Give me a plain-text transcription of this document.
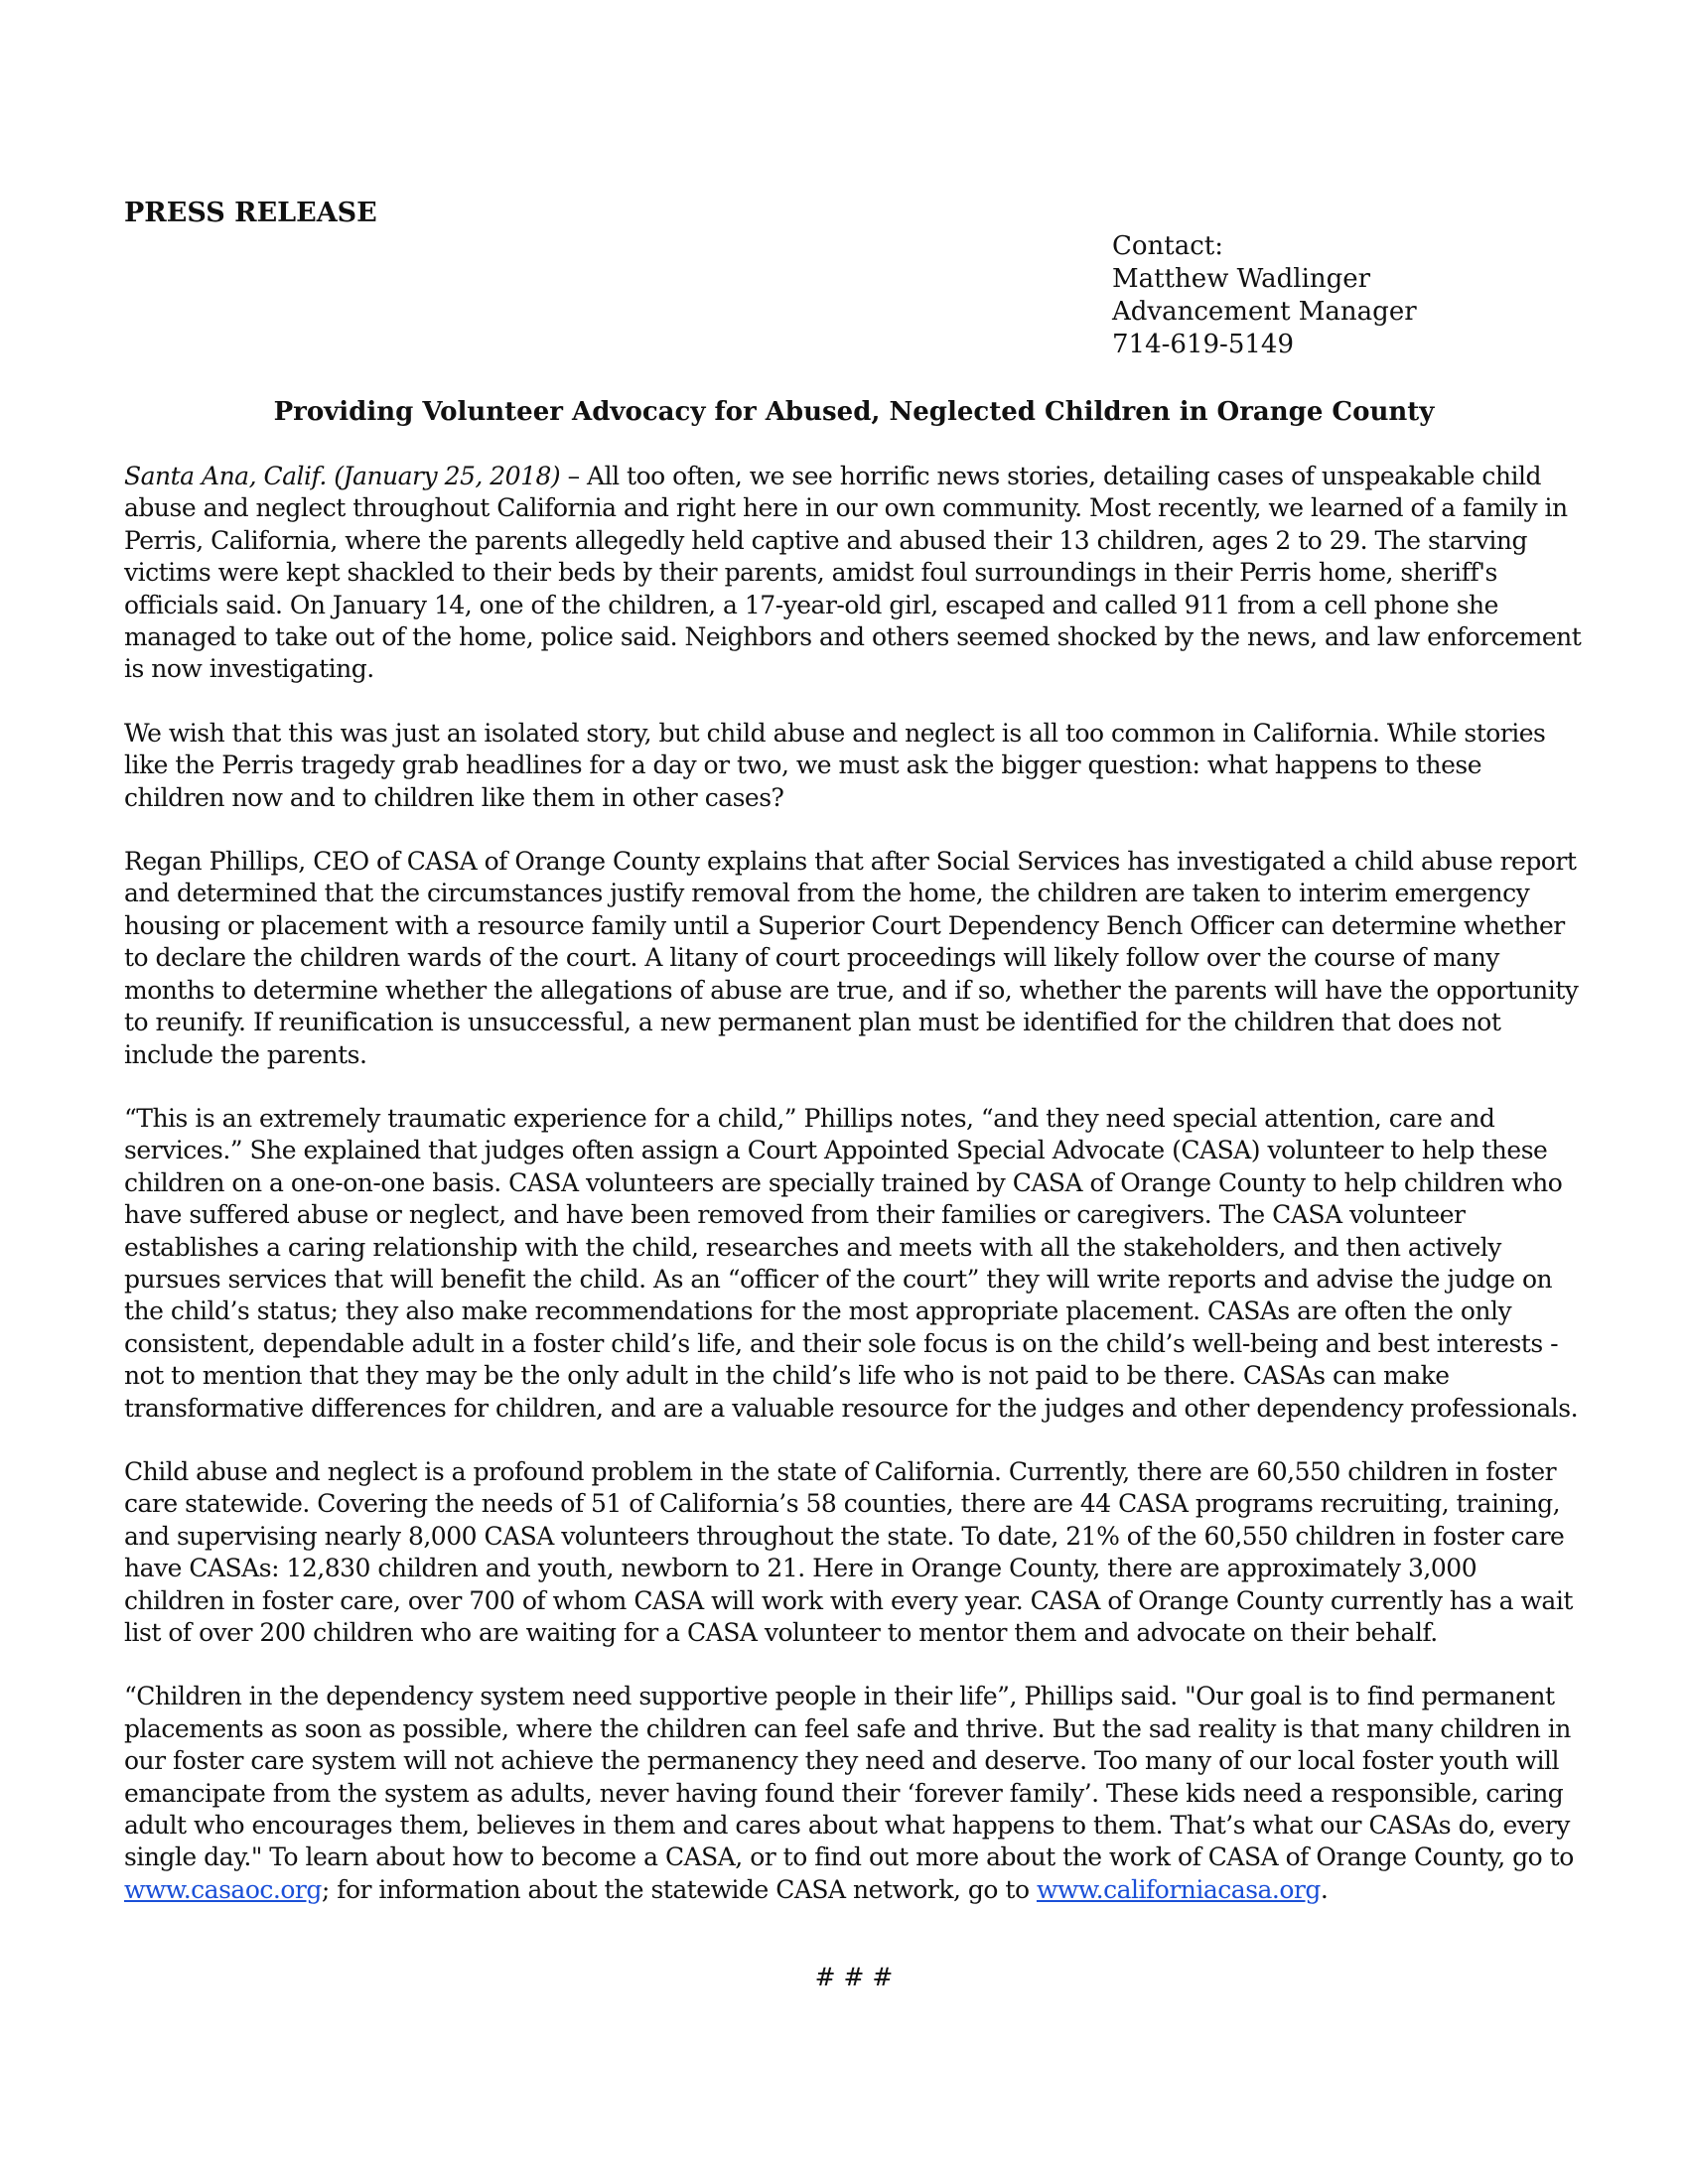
PRESS RELEASE

Contact:
Matthew Wadlinger
Advancement Manager
714-619-5149

Providing Volunteer Advocacy for Abused, Neglected Children in Orange County

Santa Ana, Calif. (January 25, 2018) – All too often, we see horrific news stories, detailing cases of unspeakable child abuse and neglect throughout California and right here in our own community. Most recently, we learned of a family in Perris, California, where the parents allegedly held captive and abused their 13 children, ages 2 to 29. The starving victims were kept shackled to their beds by their parents, amidst foul surroundings in their Perris home, sheriff's officials said. On January 14, one of the children, a 17-year-old girl, escaped and called 911 from a cell phone she managed to take out of the home, police said. Neighbors and others seemed shocked by the news, and law enforcement is now investigating.

We wish that this was just an isolated story, but child abuse and neglect is all too common in California. While stories like the Perris tragedy grab headlines for a day or two, we must ask the bigger question: what happens to these children now and to children like them in other cases?

Regan Phillips, CEO of CASA of Orange County explains that after Social Services has investigated a child abuse report and determined that the circumstances justify removal from the home, the children are taken to interim emergency housing or placement with a resource family until a Superior Court Dependency Bench Officer can determine whether to declare the children wards of the court. A litany of court proceedings will likely follow over the course of many months to determine whether the allegations of abuse are true, and if so, whether the parents will have the opportunity to reunify. If reunification is unsuccessful, a new permanent plan must be identified for the children that does not include the parents.

“This is an extremely traumatic experience for a child,” Phillips notes, “and they need special attention, care and services.” She explained that judges often assign a Court Appointed Special Advocate (CASA) volunteer to help these children on a one-on-one basis. CASA volunteers are specially trained by CASA of Orange County to help children who have suffered abuse or neglect, and have been removed from their families or caregivers. The CASA volunteer establishes a caring relationship with the child, researches and meets with all the stakeholders, and then actively pursues services that will benefit the child. As an “officer of the court” they will write reports and advise the judge on the child’s status; they also make recommendations for the most appropriate placement. CASAs are often the only consistent, dependable adult in a foster child’s life, and their sole focus is on the child’s well-being and best interests - not to mention that they may be the only adult in the child’s life who is not paid to be there. CASAs can make transformative differences for children, and are a valuable resource for the judges and other dependency professionals.

Child abuse and neglect is a profound problem in the state of California. Currently, there are 60,550 children in foster care statewide. Covering the needs of 51 of California’s 58 counties, there are 44 CASA programs recruiting, training, and supervising nearly 8,000 CASA volunteers throughout the state. To date, 21% of the 60,550 children in foster care have CASAs: 12,830 children and youth, newborn to 21. Here in Orange County, there are approximately 3,000 children in foster care, over 700 of whom CASA will work with every year. CASA of Orange County currently has a wait list of over 200 children who are waiting for a CASA volunteer to mentor them and advocate on their behalf.

“Children in the dependency system need supportive people in their life”, Phillips said. "Our goal is to find permanent placements as soon as possible, where the children can feel safe and thrive. But the sad reality is that many children in our foster care system will not achieve the permanency they need and deserve. Too many of our local foster youth will emancipate from the system as adults, never having found their ‘forever family’. These kids need a responsible, caring adult who encourages them, believes in them and cares about what happens to them. That’s what our CASAs do, every single day." To learn about how to become a CASA, or to find out more about the work of CASA of Orange County, go to www.casaoc.org; for information about the statewide CASA network, go to www.californiacasa.org.

# # #
